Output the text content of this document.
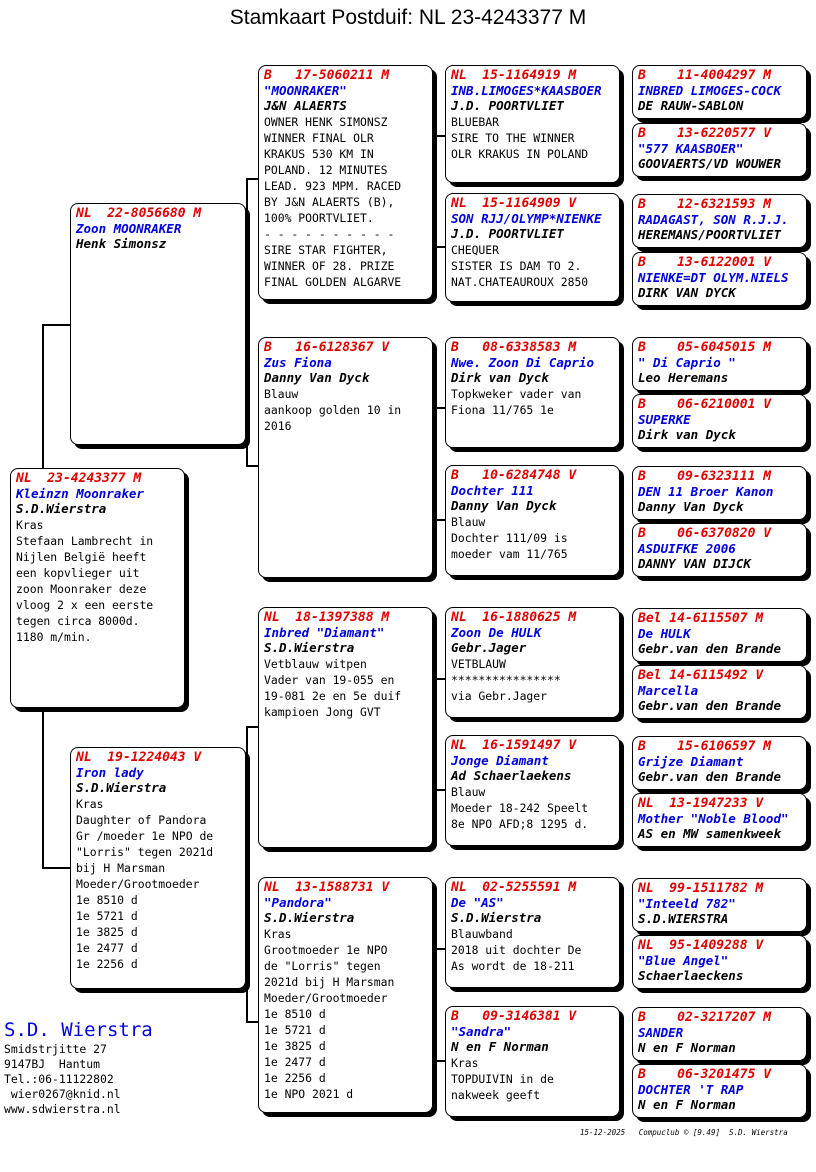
Stamkaart Postduif: NL 23-4243377 M
NL  23-4243377 M
Kleinzn Moonraker
S.D.Wierstra
Kras
Stefaan Lambrecht in
Nijlen België heeft
een kopvlieger uit
zoon Moonraker deze
vloog 2 x een eerste
tegen circa 8000d.
1180 m/min.
NL  22-8056680 M
Zoon MOONRAKER
Henk Simonsz
NL  19-1224043 V
Iron lady
S.D.Wierstra
Kras
Daughter of Pandora
Gr /moeder 1e NPO de
"Lorris" tegen 2021d
bij H Marsman
Moeder/Grootmoeder
1e 8510 d
1e 5721 d
1e 3825 d
1e 2477 d
1e 2256 d
B   17-5060211 M
"MOONRAKER"
J&N ALAERTS
OWNER HENK SIMONSZ
WINNER FINAL OLR
KRAKUS 530 KM IN
POLAND. 12 MINUTES
LEAD. 923 MPM. RACED
BY J&N ALAERTS (B),
100% POORTVLIET.
- - - - - - - - - -
SIRE STAR FIGHTER,
WINNER OF 28. PRIZE
FINAL GOLDEN ALGARVE
B   16-6128367 V
Zus Fiona
Danny Van Dyck
Blauw
aankoop golden 10 in
2016
NL  18-1397388 M
Inbred "Diamant"
S.D.Wierstra
Vetblauw witpen
Vader van 19-055 en
19-081 2e en 5e duif
kampioen Jong GVT
NL  13-1588731 V
"Pandora"
S.D.Wierstra
Kras
Grootmoeder 1e NPO
de "Lorris" tegen
2021d bij H Marsman
Moeder/Grootmoeder
1e 8510 d
1e 5721 d
1e 3825 d
1e 2477 d
1e 2256 d
1e NPO 2021 d
NL  15-1164919 M
INB.LIMOGES*KAASBOER
J.D. POORTVLIET
BLUEBAR
SIRE TO THE WINNER
OLR KRAKUS IN POLAND
NL  15-1164909 V
SON RJJ/OLYMP*NIENKE
J.D. POORTVLIET
CHEQUER
SISTER IS DAM TO 2.
NAT.CHATEAUROUX 2850
B   08-6338583 M
Nwe. Zoon Di Caprio
Dirk van Dyck
Topkweker vader van
Fiona 11/765 1e
B   10-6284748 V
Dochter 111
Danny Van Dyck
Blauw
Dochter 111/09 is
moeder vam 11/765
NL  16-1880625 M
Zoon De HULK
Gebr.Jager
VETBLAUW
****************
via Gebr.Jager
NL  16-1591497 V
Jonge Diamant
Ad Schaerlaekens
Blauw
Moeder 18-242 Speelt
8e NPO AFD;8 1295 d.
NL  02-5255591 M
De "AS"
S.D.Wierstra
Blauwband
2018 uit dochter De
As wordt de 18-211
B   09-3146381 V
"Sandra"
N en F Norman
Kras
TOPDUIVIN in de
nakweek geeft
B    11-4004297 M
INBRED LIMOGES-COCK
DE RAUW-SABLON
B    13-6220577 V
"577 KAASBOER"
GOOVAERTS/VD WOUWER
B    12-6321593 M
RADAGAST, SON R.J.J.
HEREMANS/POORTVLIET
B    13-6122001 V
NIENKE=DT OLYM.NIELS
DIRK VAN DYCK
B    05-6045015 M
" Di Caprio "
Leo Heremans
B    06-6210001 V
SUPERKE
Dirk van Dyck
B    09-6323111 M
DEN 11 Broer Kanon
Danny Van Dyck
B    06-6370820 V
ASDUIFKE 2006
DANNY VAN DIJCK
Bel 14-6115507 M
De HULK
Gebr.van den Brande
Bel 14-6115492 V
Marcella
Gebr.van den Brande
B    15-6106597 M
Grijze Diamant
Gebr.van den Brande
NL  13-1947233 V
Mother "Noble Blood"
AS en MW samenkweek
NL  99-1511782 M
"Inteeld 782"
S.D.WIERSTRA
NL  95-1409288 V
"Blue Angel"
Schaerlaeckens
B    02-3217207 M
SANDER
N en F Norman
B    06-3201475 V
DOCHTER 'T RAP
N en F Norman
S.D. Wierstra
Smidstrjitte 27
9147BJ  Hantum
Tel.:06-11122802
wier0267@knid.nl
www.sdwierstra.nl
15-12-2025   Compuclub © [9.49]  S.D. Wierstra
